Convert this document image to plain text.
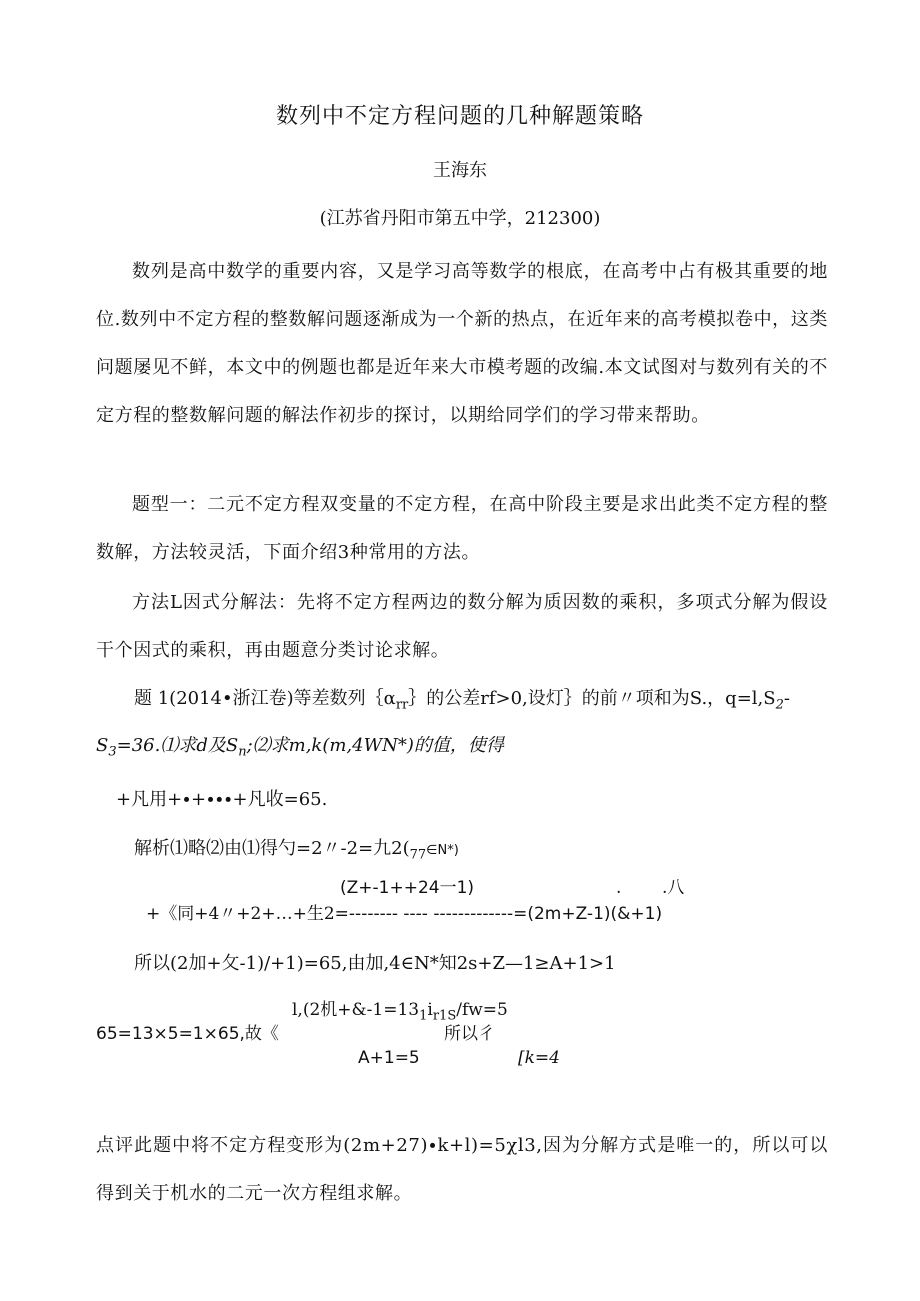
数列中不定方程问题的几种解题策略
王海东
(江苏省丹阳市第五中学，212300)
数列是高中数学的重要内容，又是学习高等数学的根底，在高考中占有极其重要的地位.数列中不定方程的整数解问题逐渐成为一个新的热点，在近年来的高考模拟卷中，这类问题屡见不鲜，本文中的例题也都是近年来大市模考题的改编.本文试图对与数列有关的不定方程的整数解问题的解法作初步的探讨，以期给同学们的学习带来帮助。
题型一：二元不定方程双变量的不定方程，在高中阶段主要是求出此类不定方程的整数解，方法较灵活，下面介绍3种常用的方法。
方法L因式分解法：先将不定方程两边的数分解为质因数的乘积，多项式分解为假设干个因式的乘积，再由题意分类讨论求解。
题 1(2014•浙江卷)等差数列$\{\alpha_{rr}\}$的公差rf>0,设灯｝的前〃项和为S.，$q=l,S_2-$
$S_3=36.⑴$求d及$S_n;⑵$求m,k(m,4WN*)的值，使得
+凡用+∙+∙∙∙+凡收=65.
解析⑴略⑵由⑴得勺=2〃-2=九$2(_{77}\in N*)$
(Z+-1++24一1)	. .八
+《同+4〃+2+…+生2=-------- ---- -------------=(2m+Z-1)(&+1)
所以(2加+攵-1)/+1)=65,由加,4∈N*知2s+Z—1≥A+1>1
l,(2机$+\&-1=13_1i_{r1S}/fw=5$
65=13×5=1×65,故《	所以彳
A+1=5	[k=4
点评此题中将不定方程变形为(2m+27)∙k+l)=5χl3,因为分解方式是唯一的，所以可以得到关于机水的二元一次方程组求解。
